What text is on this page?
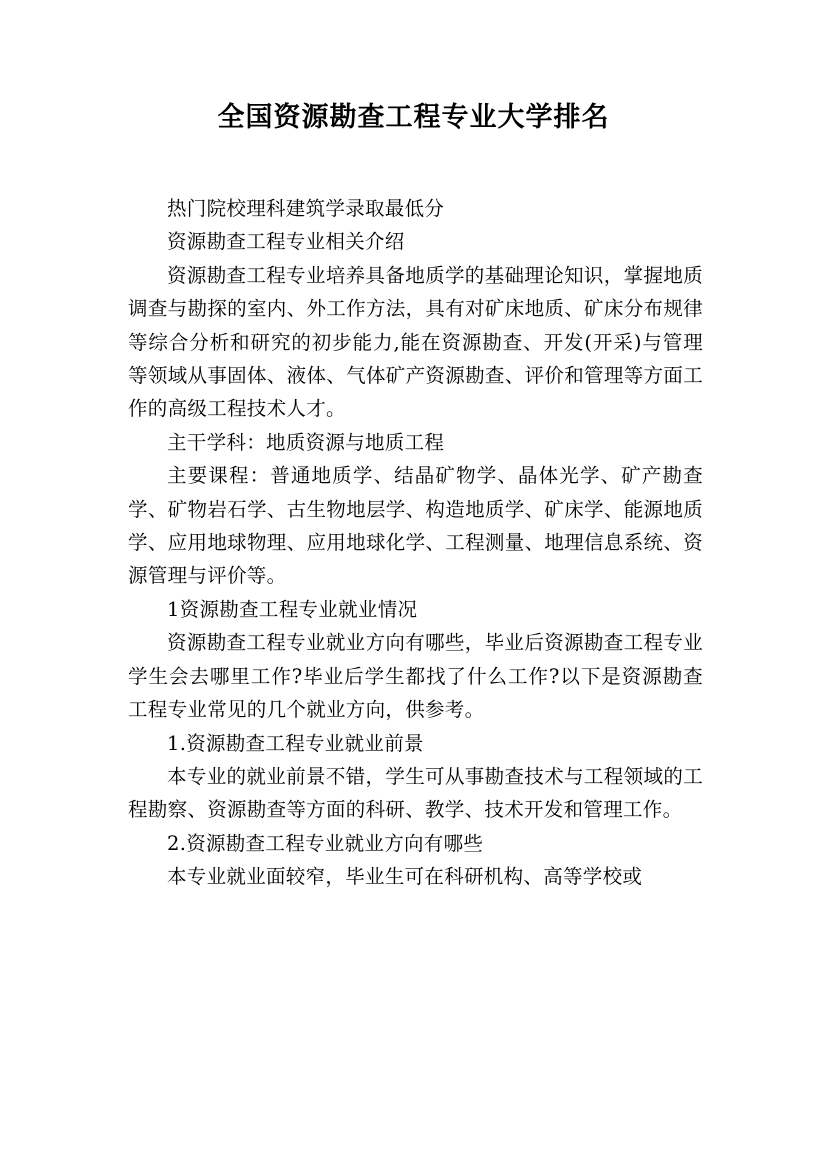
全国资源勘查工程专业大学排名

热门院校理科建筑学录取最低分

资源勘查工程专业相关介绍

资源勘查工程专业培养具备地质学的基础理论知识，掌握地质调查与勘探的室内、外工作方法，具有对矿床地质、矿床分布规律等综合分析和研究的初步能力,能在资源勘查、开发(开采)与管理等领域从事固体、液体、气体矿产资源勘查、评价和管理等方面工作的高级工程技术人才。

主干学科：地质资源与地质工程

主要课程：普通地质学、结晶矿物学、晶体光学、矿产勘查学、矿物岩石学、古生物地层学、构造地质学、矿床学、能源地质学、应用地球物理、应用地球化学、工程测量、地理信息系统、资源管理与评价等。

1资源勘查工程专业就业情况

资源勘查工程专业就业方向有哪些，毕业后资源勘查工程专业学生会去哪里工作?毕业后学生都找了什么工作?以下是资源勘查工程专业常见的几个就业方向，供参考。

1.资源勘查工程专业就业前景

本专业的就业前景不错，学生可从事勘查技术与工程领域的工程勘察、资源勘查等方面的科研、教学、技术开发和管理工作。

2.资源勘查工程专业就业方向有哪些

本专业就业面较窄，毕业生可在科研机构、高等学校或
